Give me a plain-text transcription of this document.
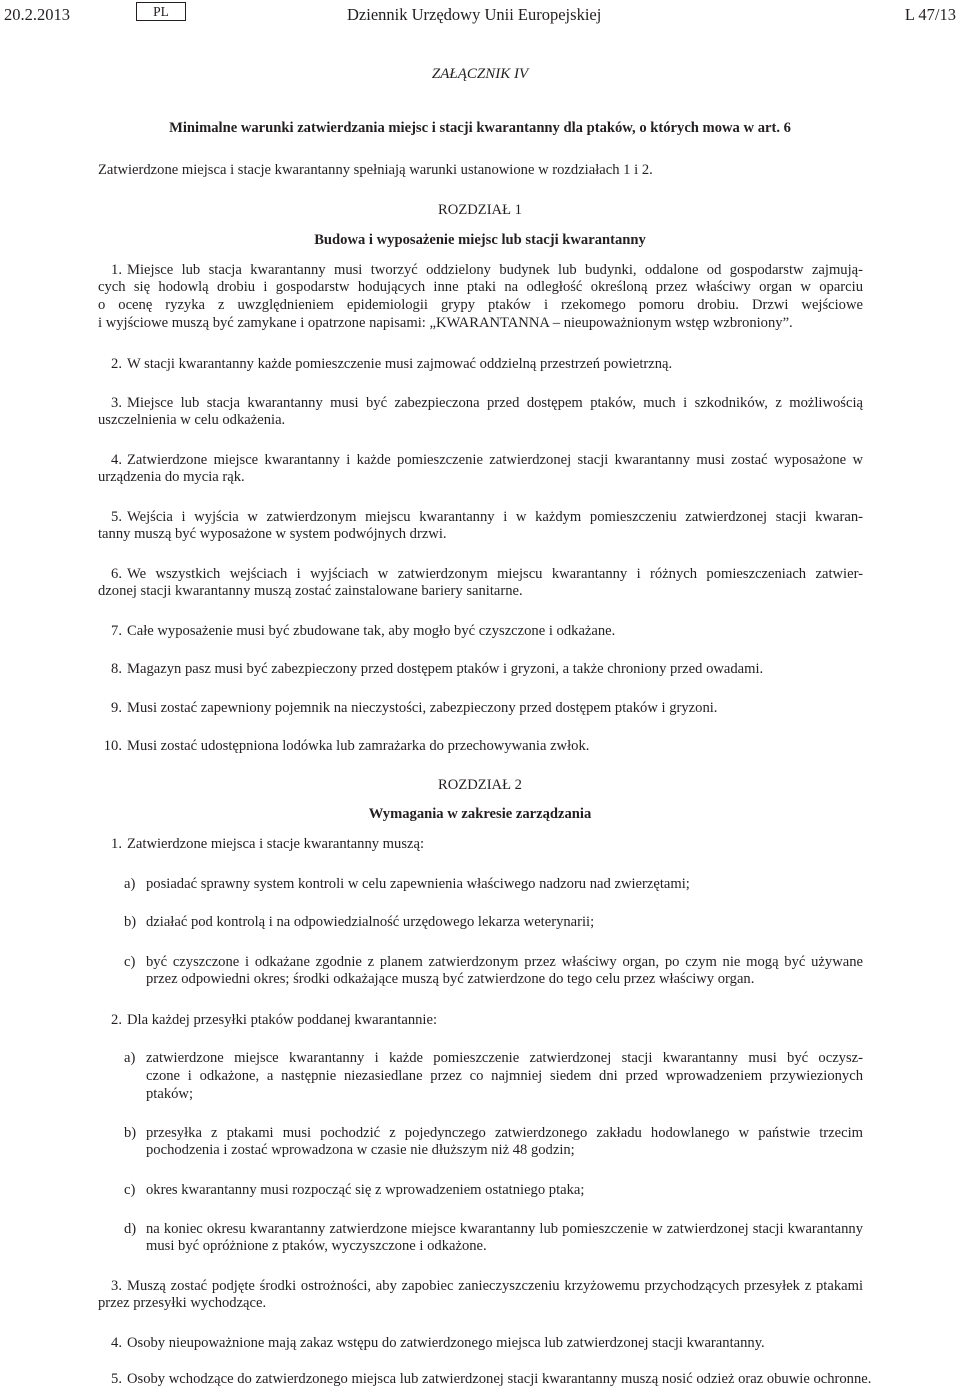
20.2.2013	PL	Dziennik Urzędowy Unii Europejskiej	L 47/13
ZAŁĄCZNIK IV
Minimalne warunki zatwierdzania miejsc i stacji kwarantanny dla ptaków, o których mowa w art. 6
Zatwierdzone miejsca i stacje kwarantanny spełniają warunki ustanowione w rozdziałach 1 i 2.
ROZDZIAŁ 1
Budowa i wyposażenie miejsc lub stacji kwarantanny
1. Miejsce lub stacja kwarantanny musi tworzyć oddzielony budynek lub budynki, oddalone od gospodarstw zajmują-
cych się hodowlą drobiu i gospodarstw hodujących inne ptaki na odległość określoną przez właściwy organ w oparciu
o ocenę ryzyka z uwzględnieniem epidemiologii grypy ptaków i rzekomego pomoru drobiu. Drzwi wejściowe
i wyjściowe muszą być zamykane i opatrzone napisami: „KWARANTANNA – nieupoważnionym wstęp wzbroniony”.
2. W stacji kwarantanny każde pomieszczenie musi zajmować oddzielną przestrzeń powietrzną.
3. Miejsce lub stacja kwarantanny musi być zabezpieczona przed dostępem ptaków, much i szkodników, z możliwością uszczelnienia w celu odkażenia.
4. Zatwierdzone miejsce kwarantanny i każde pomieszczenie zatwierdzonej stacji kwarantanny musi zostać wyposażone w urządzenia do mycia rąk.
5. Wejścia i wyjścia w zatwierdzonym miejscu kwarantanny i w każdym pomieszczeniu zatwierdzonej stacji kwaran-
tanny muszą być wyposażone w system podwójnych drzwi.
6. We wszystkich wejściach i wyjściach w zatwierdzonym miejscu kwarantanny i różnych pomieszczeniach zatwier-
dzonej stacji kwarantanny muszą zostać zainstalowane bariery sanitarne.
7. Całe wyposażenie musi być zbudowane tak, aby mogło być czyszczone i odkażane.
8. Magazyn pasz musi być zabezpieczony przed dostępem ptaków i gryzoni, a także chroniony przed owadami.
9. Musi zostać zapewniony pojemnik na nieczystości, zabezpieczony przed dostępem ptaków i gryzoni.
10. Musi zostać udostępniona lodówka lub zamrażarka do przechowywania zwłok.
ROZDZIAŁ 2
Wymagania w zakresie zarządzania
1. Zatwierdzone miejsca i stacje kwarantanny muszą:
a) posiadać sprawny system kontroli w celu zapewnienia właściwego nadzoru nad zwierzętami;
b) działać pod kontrolą i na odpowiedzialność urzędowego lekarza weterynarii;
c) być czyszczone i odkażane zgodnie z planem zatwierdzonym przez właściwy organ, po czym nie mogą być używane przez odpowiedni okres; środki odkażające muszą być zatwierdzone do tego celu przez właściwy organ.
2. Dla każdej przesyłki ptaków poddanej kwarantannie:
a) zatwierdzone miejsce kwarantanny i każde pomieszczenie zatwierdzonej stacji kwarantanny musi być oczysz-
czone i odkażone, a następnie niezasiedlane przez co najmniej siedem dni przed wprowadzeniem przywiezionych
ptaków;
b) przesyłka z ptakami musi pochodzić z pojedynczego zatwierdzonego zakładu hodowlanego w państwie trzecim pochodzenia i zostać wprowadzona w czasie nie dłuższym niż 48 godzin;
c) okres kwarantanny musi rozpocząć się z wprowadzeniem ostatniego ptaka;
d) na koniec okresu kwarantanny zatwierdzone miejsce kwarantanny lub pomieszczenie w zatwierdzonej stacji kwarantanny musi być opróżnione z ptaków, wyczyszczone i odkażone.
3. Muszą zostać podjęte środki ostrożności, aby zapobiec zanieczyszczeniu krzyżowemu przychodzących przesyłek z ptakami przez przesyłki wychodzące.
4. Osoby nieupoważnione mają zakaz wstępu do zatwierdzonego miejsca lub zatwierdzonej stacji kwarantanny.
5. Osoby wchodzące do zatwierdzonego miejsca lub zatwierdzonej stacji kwarantanny muszą nosić odzież oraz obuwie ochronne.
